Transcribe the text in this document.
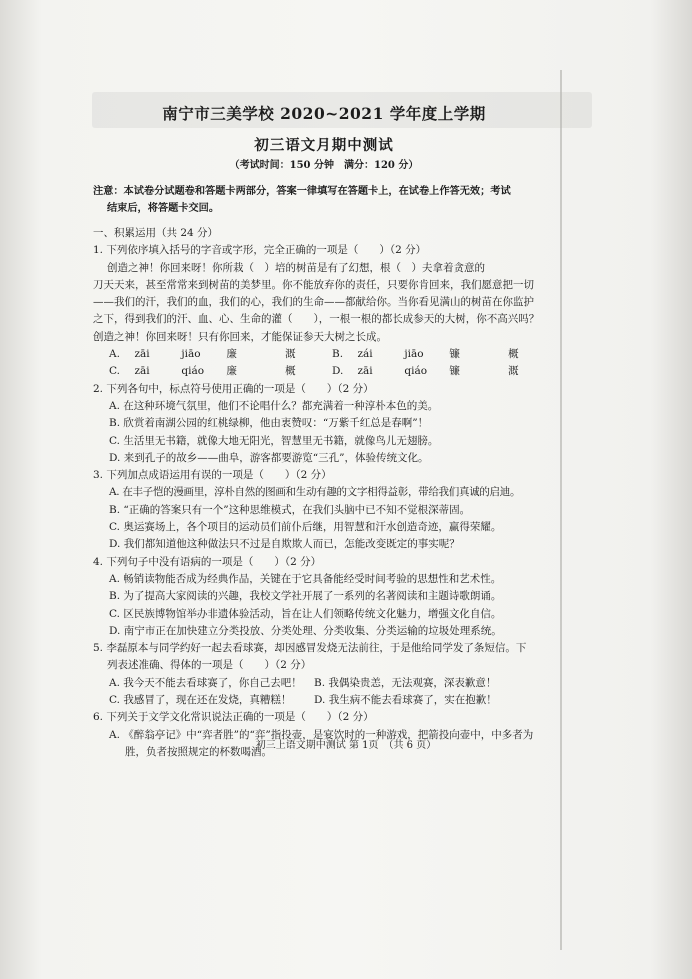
南宁市三美学校 2020~2021 学年度上学期
初三语文月期中测试
（考试时间：150 分钟　满分：120 分）
注意：本试卷分试题卷和答题卡两部分，答案一律填写在答题卡上，在试卷上作答无效；考试
结束后，将答题卡交回。
一、积累运用（共 24 分）
1. 下列依序填入括号的字音或字形，完全正确的一项是（　　）（2 分）
创造之神！你回来呀！你所栽（　）培的树苗是有了幻想，根（　）夫拿着贪意的
刀天天来，甚至常常来到树苗的美梦里。你不能放弃你的责任，只要你肯回来，我们愿意把一切
——我们的汗，我们的血，我们的心，我们的生命——都献给你。当你看见满山的树苗在你监护
之下，得到我们的汗、血、心、生命的灌（　　），一根一根的都长成参天的大树，你不高兴吗？
创造之神！你回来呀！只有你回来，才能保证参天大树之长成。
A.	zāi	jiāo	廉	溉	B.	zái	jiāo	镰	概
C.	zāi	qiáo	廉	概	D.	zāi	qiáo	镰	溉
2. 下列各句中，标点符号使用正确的一项是（　　）（2 分）
A. 在这种环境气氛里，他们不论唱什么？都充满着一种淳朴本色的美。
B. 欣赏着南湖公园的红桃绿柳，他由衷赞叹：“万紫千红总是春啊”！
C. 生活里无书籍，就像大地无阳光，智慧里无书籍，就像鸟儿无翅膀。
D. 来到孔子的故乡——曲阜，游客都要游览“三孔”，体验传统文化。
3. 下列加点成语运用有误的一项是（　　）（2 分）
A. 在丰子恺的漫画里，淳朴自然的图画和生动有趣的文字相得益彰，带给我们真诚的启迪。
B. “正确的答案只有一个”这种思维模式，在我们头脑中已不知不觉根深蒂固。
C. 奥运赛场上，各个项目的运动员们前仆后继，用智慧和汗水创造奇迹，赢得荣耀。
D. 我们都知道他这种做法只不过是自欺欺人而已，怎能改变既定的事实呢？
4. 下列句子中没有语病的一项是（　　）（2 分）
A. 畅销读物能否成为经典作品，关键在于它具备能经受时间考验的思想性和艺术性。
B. 为了提高大家阅读的兴趣，我校文学社开展了一系列的名著阅读和主题诗歌朗诵。
C. 区民族博物馆举办非遗体验活动，旨在让人们领略传统文化魅力，增强文化自信。
D. 南宁市正在加快建立分类投放、分类处理、分类收集、分类运输的垃圾处理系统。
5. 李磊原本与同学约好一起去看球赛，却因感冒发烧无法前往，于是他给同学发了条短信。下
列表述准确、得体的一项是（　　）（2 分）
A. 我今天不能去看球赛了，你自己去吧！	B. 我偶染贵恙，无法观赛，深表歉意！
C. 我感冒了，现在还在发烧，真糟糕！	D. 我生病不能去看球赛了，实在抱歉！
6. 下列关于文学文化常识说法正确的一项是（　　）（2 分）
A. 《醉翁亭记》中“弈者胜”的“弈”指投壶，是宴饮时的一种游戏，把箭投向壶中，中多者为
胜，负者按照规定的杯数喝酒。
初三上语文期中测试 第 1页　（共 6 页）
